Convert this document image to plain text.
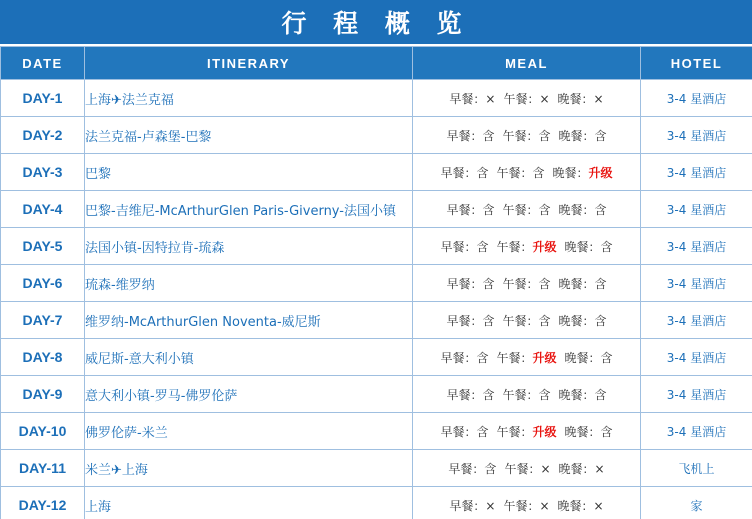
行 程 概 览
DATE	ITINERARY	MEAL	HOTEL
DAY-1	上海✈法兰克福	早餐：× 午餐：× 晚餐：×	3-4 星酒店
DAY-2	法兰克福-卢森堡-巴黎	早餐：含 午餐：含 晚餐：含	3-4 星酒店
DAY-3	巴黎	早餐：含 午餐：含 晚餐：升级	3-4 星酒店
DAY-4	巴黎-吉维尼-McArthurGlen Paris-Giverny-法国小镇	早餐：含 午餐：含 晚餐：含	3-4 星酒店
DAY-5	法国小镇-因特拉肯-琉森	早餐：含 午餐：升级 晚餐：含	3-4 星酒店
DAY-6	琉森-维罗纳	早餐：含 午餐：含 晚餐：含	3-4 星酒店
DAY-7	维罗纳-McArthurGlen Noventa-威尼斯	早餐：含 午餐：含 晚餐：含	3-4 星酒店
DAY-8	威尼斯-意大利小镇	早餐：含 午餐：升级 晚餐：含	3-4 星酒店
DAY-9	意大利小镇-罗马-佛罗伦萨	早餐：含 午餐：含 晚餐：含	3-4 星酒店
DAY-10	佛罗伦萨-米兰	早餐：含 午餐：升级 晚餐：含	3-4 星酒店
DAY-11	米兰✈上海	早餐：含 午餐：× 晚餐：×	飞机上
DAY-12	上海	早餐：× 午餐：× 晚餐：×	家
